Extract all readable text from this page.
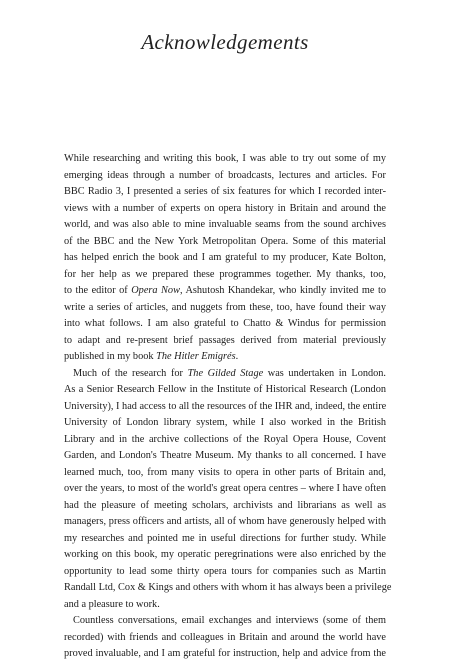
Acknowledgements
While researching and writing this book, I was able to try out some of my
emerging ideas through a number of broadcasts, lectures and articles. For
BBC Radio 3, I presented a series of six features for which I recorded inter-
views with a number of experts on opera history in Britain and around the
world, and was also able to mine invaluable seams from the sound archives
of the BBC and the New York Metropolitan Opera. Some of this material
has helped enrich the book and I am grateful to my producer, Kate Bolton,
for her help as we prepared these programmes together. My thanks, too,
to the editor of Opera Now, Ashutosh Khandekar, who kindly invited me to
write a series of articles, and nuggets from these, too, have found their way
into what follows. I am also grateful to Chatto & Windus for permission
to adapt and re-present brief passages derived from material previously
published in my book The Hitler Emigrés.
Much of the research for The Gilded Stage was undertaken in London.
As a Senior Research Fellow in the Institute of Historical Research (London
University), I had access to all the resources of the IHR and, indeed, the entire
University of London library system, while I also worked in the British
Library and in the archive collections of the Royal Opera House, Covent
Garden, and London's Theatre Museum. My thanks to all concerned. I have
learned much, too, from many visits to opera in other parts of Britain and,
over the years, to most of the world's great opera centres – where I have often
had the pleasure of meeting scholars, archivists and librarians as well as
managers, press officers and artists, all of whom have generously helped with
my researches and pointed me in useful directions for further study. While
working on this book, my operatic peregrinations were also enriched by the
opportunity to lead some thirty opera tours for companies such as Martin
Randall Ltd, Cox & Kings and others with whom it has always been a privilege
and a pleasure to work.
Countless conversations, email exchanges and interviews (some of them
recorded) with friends and colleagues in Britain and around the world have
proved invaluable, and I am grateful for instruction, help and advice from the
